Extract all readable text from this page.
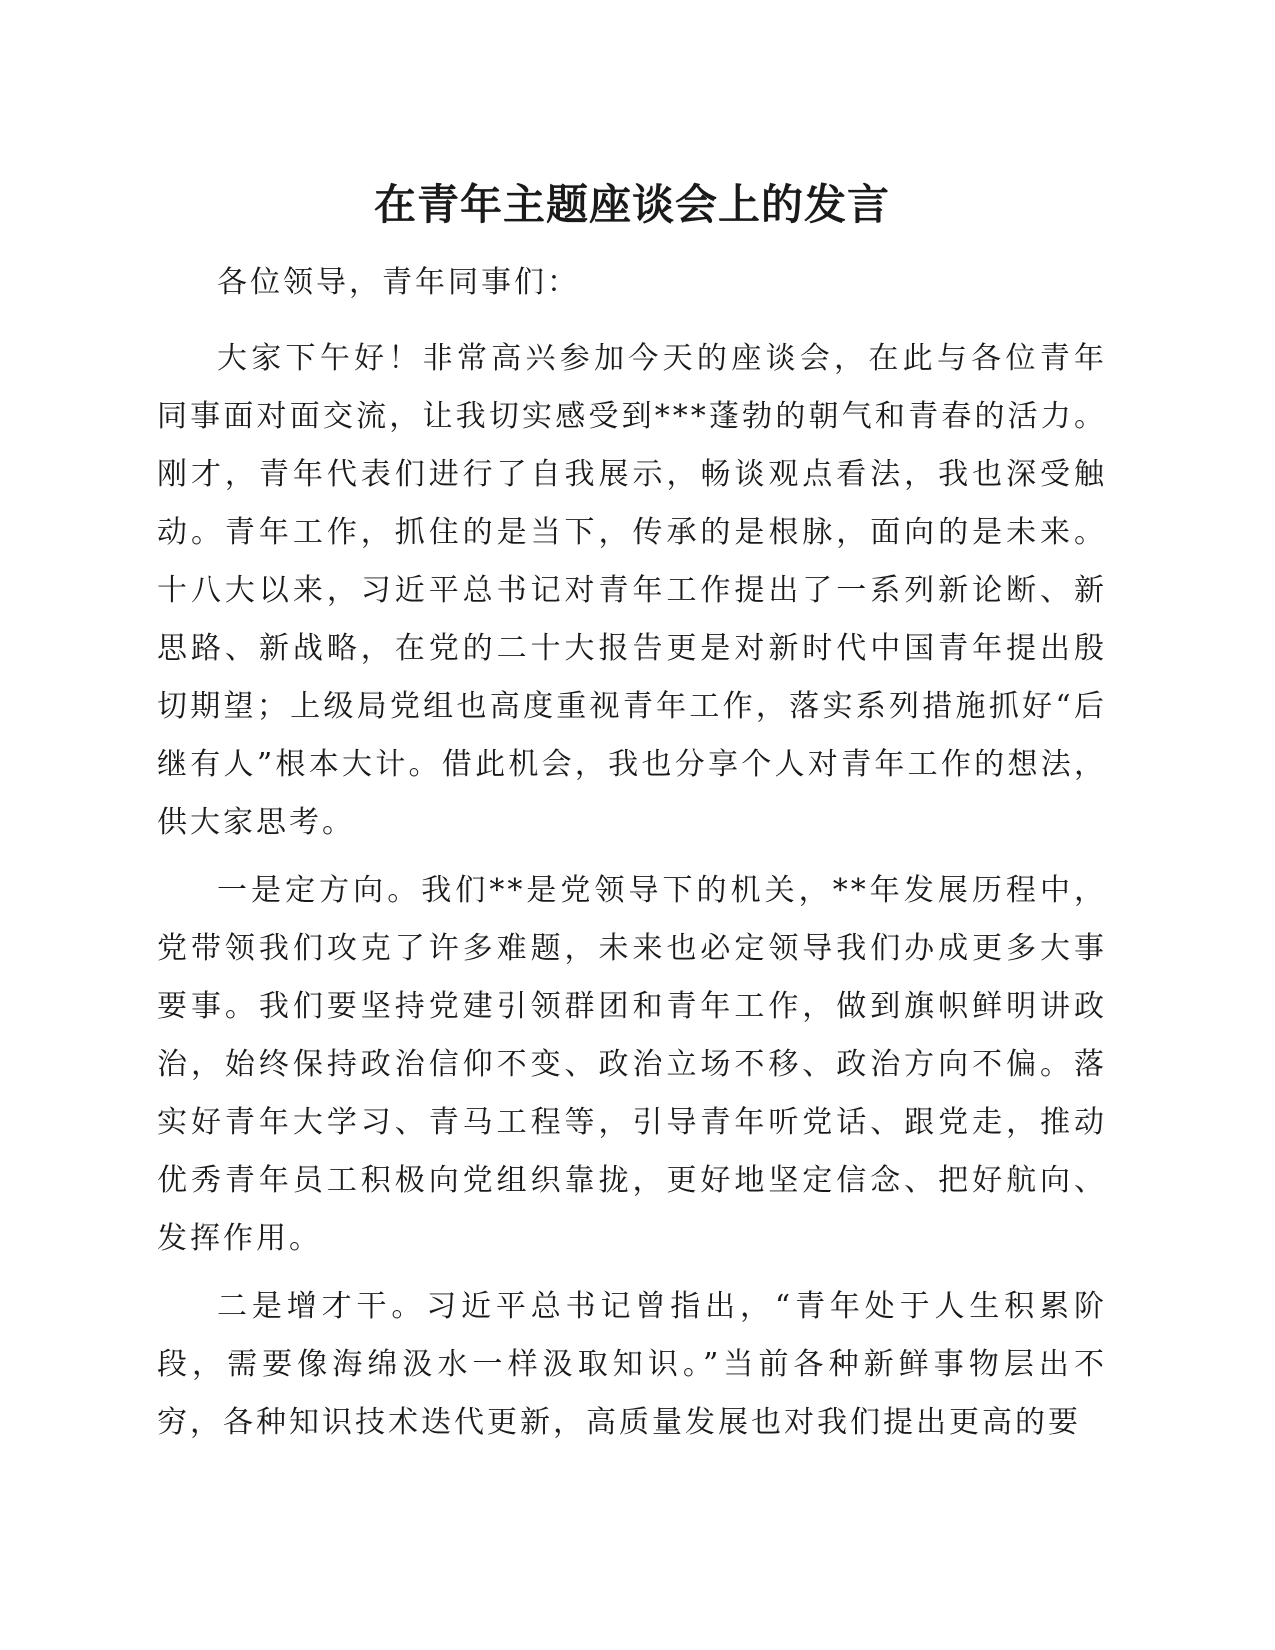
在青年主题座谈会上的发言

各位领导，青年同事们：

大家下午好！非常高兴参加今天的座谈会，在此与各位青年同事面对面交流，让我切实感受到***蓬勃的朝气和青春的活力。刚才，青年代表们进行了自我展示，畅谈观点看法，我也深受触动。青年工作，抓住的是当下，传承的是根脉，面向的是未来。十八大以来，习近平总书记对青年工作提出了一系列新论断、新思路、新战略，在党的二十大报告更是对新时代中国青年提出殷切期望；上级局党组也高度重视青年工作，落实系列措施抓好“后继有人”根本大计。借此机会，我也分享个人对青年工作的想法，供大家思考。

一是定方向。我们**是党领导下的机关，**年发展历程中，党带领我们攻克了许多难题，未来也必定领导我们办成更多大事要事。我们要坚持党建引领群团和青年工作，做到旗帜鲜明讲政治，始终保持政治信仰不变、政治立场不移、政治方向不偏。落实好青年大学习、青马工程等，引导青年听党话、跟党走，推动优秀青年员工积极向党组织靠拢，更好地坚定信念、把好航向、发挥作用。

二是增才干。习近平总书记曾指出，“青年处于人生积累阶段，需要像海绵汲水一样汲取知识。”当前各种新鲜事物层出不穷，各种知识技术迭代更新，高质量发展也对我们提出更高的要
